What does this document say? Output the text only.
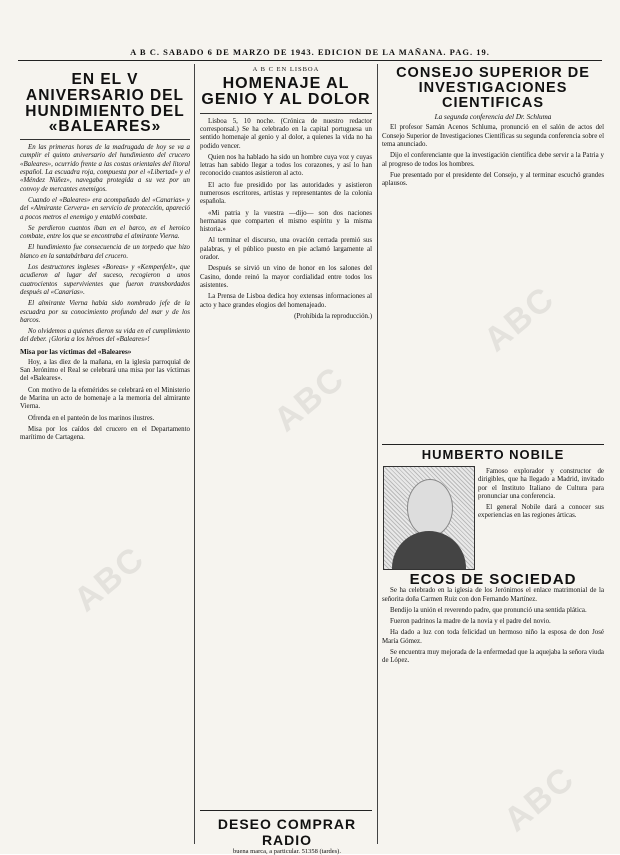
A B C. SABADO 6 DE MARZO DE 1943. EDICION DE LA MAÑANA. PAG. 19.
EN EL V ANIVERSARIO DEL HUNDIMIENTO DEL «BALEARES»

En las primeras horas de la madrugada de hoy se va a cumplir el quinto aniversario del hundimiento del crucero «Baleares», ocurrido frente a las costas orientales del litoral español. La escuadra roja, compuesta por el «Libertad» y el «Méndez Núñez», navegaba protegida a su vez por un convoy de mercantes enemigos.

Cuando el «Baleares» era acompañado del «Canarias» y del «Almirante Cervera» en servicio de protección, apareció a pocos metros el enemigo y entabló combate.

Se perdieron cuantos iban en el barco, en el heroico combate, entre los que se encontraba el almirante Vierna.

El hundimiento fue consecuencia de un torpedo que hizo blanco en la santabárbara del crucero.

Los destructores ingleses «Boreas» y «Kempenfelt», que acudieron al lugar del suceso, recogieron a unos cuatrocientos supervivientes que fueron transbordados después al «Canarias».

El almirante Vierna había sido nombrado jefe de la escuadra por su conocimiento profundo del mar y de los barcos.

No olvidemos a quienes dieron su vida en el cumplimiento del deber. ¡Gloria a los héroes del «Baleares»!

Misa por las víctimas del «Baleares»

Hoy, a las diez de la mañana, en la iglesia parroquial de San Jerónimo el Real se celebrará una misa por las víctimas del «Baleares».

Con motivo de la efemérides se celebrará en el Ministerio de Marina un acto de homenaje a la memoria del almirante Vierna.

Ofrenda en el panteón de los marinos ilustres.

Misa por los caídos del crucero en el Departamento marítimo de Cartagena.

A B C EN LISBOA
HOMENAJE AL GENIO Y AL DOLOR

Lisboa 5, 10 noche. (Crónica de nuestro redactor corresponsal.) Se ha celebrado en la capital portuguesa un sentido homenaje al genio y al dolor, a quienes la vida no ha podido vencer.

Quien nos ha hablado ha sido un hombre cuya voz y cuyas letras han sabido llegar a todos los corazones, y así lo han reconocido cuantos asistieron al acto.

El acto fue presidido por las autoridades y asistieron numerosos escritores, artistas y representantes de la colonia española.

«Mi patria y la vuestra —dijo— son dos naciones hermanas que comparten el mismo espíritu y la misma historia.»

Al terminar el discurso, una ovación cerrada premió sus palabras, y el público puesto en pie aclamó largamente al orador.

Después se sirvió un vino de honor en los salones del Casino, donde reinó la mayor cordialidad entre todos los asistentes.

La Prensa de Lisboa dedica hoy extensas informaciones al acto y hace grandes elogios del homenajeado.

(Prohibida la reproducción.)

DESEO COMPRAR RADIO
buena marca, a particular. 51358 (tardes).
CONSEJO SUPERIOR DE INVESTIGACIONES CIENTIFICAS
La segunda conferencia del Dr. Schluma

El profesor Samán Acenos Schluma, pronunció en el salón de actos del Consejo Superior de Investigaciones Científicas su segunda conferencia sobre el tema anunciado.

Dijo el conferenciante que la investigación científica debe servir a la Patria y al progreso de todos los hombres.

Fue presentado por el presidente del Consejo, y al terminar escuchó grandes aplausos.

HUMBERTO NOBILE

Famoso explorador y constructor de dirigibles, que ha llegado a Madrid, invitado por el Instituto Italiano de Cultura para pronunciar una conferencia.

El general Nobile dará a conocer sus experiencias en las regiones árticas.

ECOS DE SOCIEDAD

Se ha celebrado en la iglesia de los Jerónimos el enlace matrimonial de la señorita doña Carmen Ruiz con don Fernando Martínez.

Bendijo la unión el reverendo padre, que pronunció una sentida plática.

Fueron padrinos la madre de la novia y el padre del novio.

Ha dado a luz con toda felicidad un hermoso niño la esposa de don José María Gómez.

Se encuentra muy mejorada de la enfermedad que la aquejaba la señora viuda de López.

ABC
ABC
ABC
ABC
